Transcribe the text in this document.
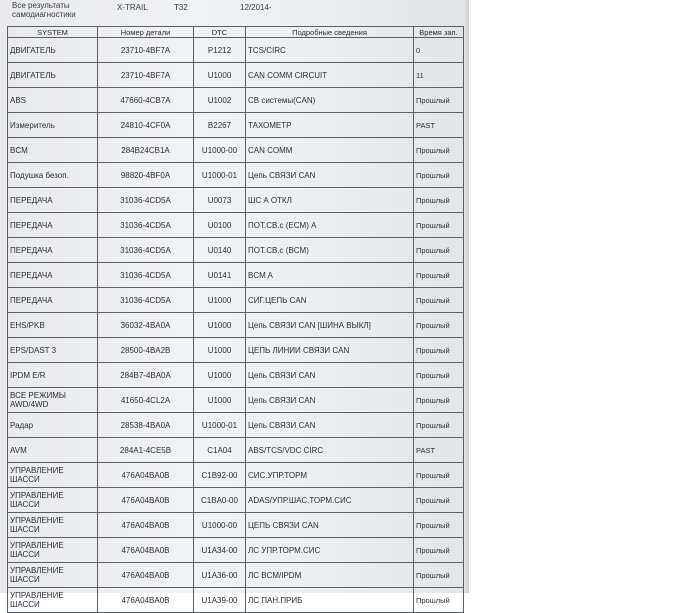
Все результаты самодиагностики
X-TRAIL	T32	12/2014-
SYSTEM	Номер детали	DTC	Подробные сведения	Время зап.
ДВИГАТЕЛЬ	23710-4BF7A	P1212	TCS/CIRC	0
ДВИГАТЕЛЬ	23710-4BF7A	U1000	CAN COMM CIRCUIT	11
ABS	47660-4CB7A	U1002	СВ системы(CAN)	Прошлый
Измеритель	24810-4CF0A	B2267	ТАХОМЕТР	PAST
BCM	284B24CB1A	U1000-00	CAN COMM	Прошлый
Подушка безоп.	98820-4BF0A	U1000-01	Цепь СВЯЗИ CAN	Прошлый
ПЕРЕДАЧА	31036-4CD5A	U0073	ШС А ОТКЛ	Прошлый
ПЕРЕДАЧА	31036-4CD5A	U0100	ПОТ.СВ.с (ECM) A	Прошлый
ПЕРЕДАЧА	31036-4CD5A	U0140	ПОТ.СВ.с (BCM)	Прошлый
ПЕРЕДАЧА	31036-4CD5A	U0141	BCM A	Прошлый
ПЕРЕДАЧА	31036-4CD5A	U1000	СИГ.ЦЕПЬ CAN	Прошлый
EHS/PKB	36032-4BA0A	U1000	Цепь СВЯЗИ CAN [ШИНА ВЫКЛ]	Прошлый
EPS/DAST 3	28500-4BA2B	U1000	ЦЕПЬ ЛИНИИ СВЯЗИ CAN	Прошлый
IPDM E/R	284B7-4BA0A	U1000	Цепь СВЯЗИ CAN	Прошлый
ВСЕ РЕЖИМЫ AWD/4WD	41650-4CL2A	U1000	Цепь СВЯЗИ CAN	Прошлый
Радар	28538-4BA0A	U1000-01	Цепь СВЯЗИ CAN	Прошлый
AVM	284A1-4CE5B	C1A04	ABS/TCS/VDC CIRC	PAST
УПРАВЛЕНИЕ ШАССИ	476A04BA0B	C1B92-00	СИС.УПР.ТОРМ	Прошлый
УПРАВЛЕНИЕ ШАССИ	476A04BA0B	C1BA0-00	ADAS/УПР.ШАС.ТОРМ.СИС	Прошлый
УПРАВЛЕНИЕ ШАССИ	476A04BA0B	U1000-00	ЦЕПЬ СВЯЗИ CAN	Прошлый
УПРАВЛЕНИЕ ШАССИ	476A04BA0B	U1A34-00	ЛС УПР.ТОРМ.СИС	Прошлый
УПРАВЛЕНИЕ ШАССИ	476A04BA0B	U1A36-00	ЛС BCM/IPDM	Прошлый
УПРАВЛЕНИЕ ШАССИ	476A04BA0B	U1A39-00	ЛС ПАН.ПРИБ	Прошлый
